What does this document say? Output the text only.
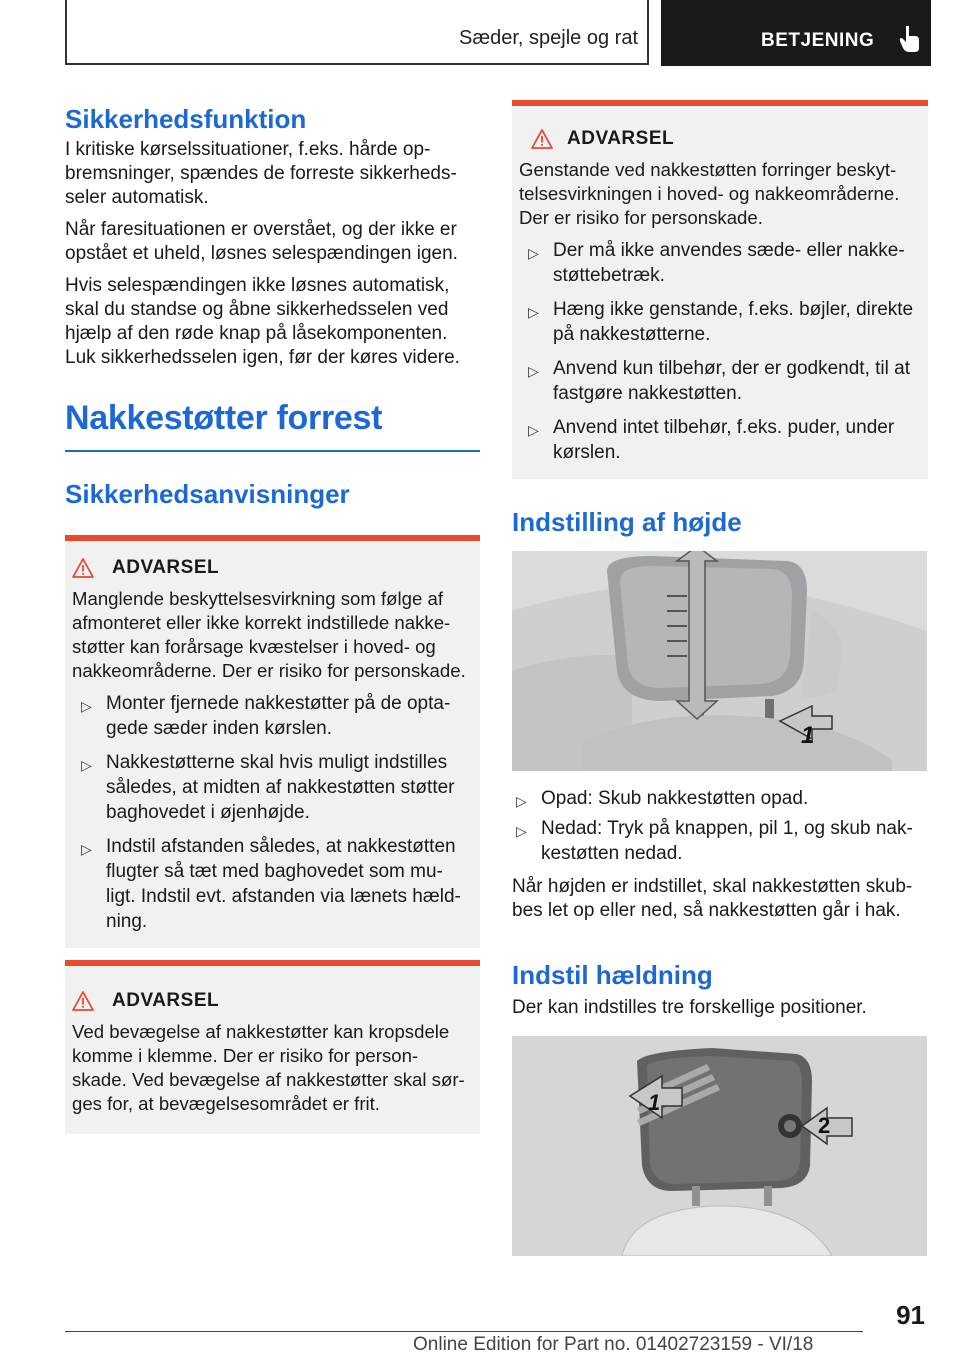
Sæder, spejle og rat	BETJENING
Sikkerhedsfunktion

I kritiske kørselssituationer, f.eks. hårde op-bremsninger, spændes de forreste sikkerheds-seler automatisk.

Når faresituationen er overstået, og der ikke er opstået et uheld, løsnes selespændingen igen.

Hvis selespændingen ikke løsnes automatisk, skal du standse og åbne sikkerhedsselen ved hjælp af den røde knap på låsekomponenten. Luk sikkerhedsselen igen, før der køres videre.

Nakkestøtter forrest
Sikkerhedsanvisninger
ADVARSEL

Manglende beskyttelsesvirkning som følge af afmonteret eller ikke korrekt indstillede nakke-støtter kan forårsage kvæstelser i hoved- og nakkeområderne. Der er risiko for personskade.

▷ Monter fjernede nakkestøtter på de opta-gede sæder inden kørslen.
▷ Nakkestøtterne skal hvis muligt indstilles således, at midten af nakkestøtten støtter baghovedet i øjenhøjde.
▷ Indstil afstanden således, at nakkestøtten flugter så tæt med baghovedet som mu-ligt. Indstil evt. afstanden via lænets hæld-ning.
ADVARSEL

Ved bevægelse af nakkestøtter kan kropsdele komme i klemme. Der er risiko for person-skade. Ved bevægelse af nakkestøtter skal sør-ges for, at bevægelsesområdet er frit.

ADVARSEL

Genstande ved nakkestøtten forringer beskyt-telsesvirkningen i hoved- og nakkeområderne. Der er risiko for personskade.

▷ Der må ikke anvendes sæde- eller nakke-støttebetræk.
▷ Hæng ikke genstande, f.eks. bøjler, direkte på nakkestøtterne.
▷ Anvend kun tilbehør, der er godkendt, til at fastgøre nakkestøtten.
▷ Anvend intet tilbehør, f.eks. puder, under kørslen.
Indstilling af højde
1
▷ Opad: Skub nakkestøtten opad.
▷ Nedad: Tryk på knappen, pil 1, og skub nak-kestøtten nedad.

Når højden er indstillet, skal nakkestøtten skub-bes let op eller ned, så nakkestøtten går i hak.

Indstil hældning

Der kan indstilles tre forskellige positioner.

1
2
91
Online Edition for Part no. 01402723159 - VI/18
